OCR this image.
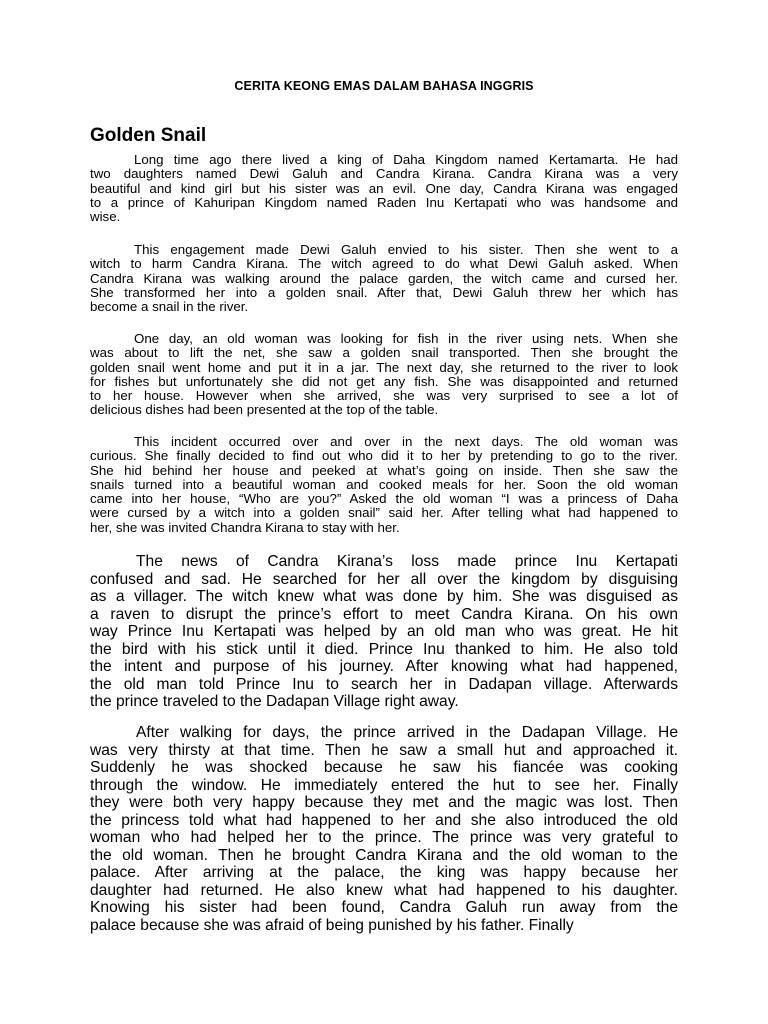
CERITA KEONG EMAS DALAM BAHASA INGGRIS
Golden Snail
Long time ago there lived a king of Daha Kingdom named Kertamarta. He had
two daughters named Dewi Galuh and Candra Kirana. Candra Kirana was a very
beautiful and kind girl but his sister was an evil. One day, Candra Kirana was engaged
to a prince of Kahuripan Kingdom named Raden Inu Kertapati who was handsome and
wise.
This engagement made Dewi Galuh envied to his sister. Then she went to a
witch to harm Candra Kirana. The witch agreed to do what Dewi Galuh asked. When
Candra Kirana was walking around the palace garden, the witch came and cursed her.
She transformed her into a golden snail. After that, Dewi Galuh threw her which has
become a snail in the river.
One day, an old woman was looking for fish in the river using nets. When she
was about to lift the net, she saw a golden snail transported. Then she brought the
golden snail went home and put it in a jar. The next day, she returned to the river to look
for fishes but unfortunately she did not get any fish. She was disappointed and returned
to her house. However when she arrived, she was very surprised to see a lot of
delicious dishes had been presented at the top of the table.
This incident occurred over and over in the next days. The old woman was
curious. She finally decided to find out who did it to her by pretending to go to the river.
She hid behind her house and peeked at what’s going on inside. Then she saw the
snails turned into a beautiful woman and cooked meals for her. Soon the old woman
came into her house, “Who are you?” Asked the old woman “I was a princess of Daha
were cursed by a witch into a golden snail” said her. After telling what had happened to
her, she was invited Chandra Kirana to stay with her.
The news of Candra Kirana’s loss made prince Inu Kertapati
confused and sad. He searched for her all over the kingdom by disguising
as a villager. The witch knew what was done by him. She was disguised as
a raven to disrupt the prince’s effort to meet Candra Kirana. On his own
way Prince Inu Kertapati was helped by an old man who was great. He hit
the bird with his stick until it died. Prince Inu thanked to him. He also told
the intent and purpose of his journey. After knowing what had happened,
the old man told Prince Inu to search her in Dadapan village. Afterwards
the prince traveled to the Dadapan Village right away.
After walking for days, the prince arrived in the Dadapan Village. He
was very thirsty at that time. Then he saw a small hut and approached it.
Suddenly he was shocked because he saw his fiancée was cooking
through the window. He immediately entered the hut to see her. Finally
they were both very happy because they met and the magic was lost. Then
the princess told what had happened to her and she also introduced the old
woman who had helped her to the prince. The prince was very grateful to
the old woman. Then he brought Candra Kirana and the old woman to the
palace. After arriving at the palace, the king was happy because her
daughter had returned. He also knew what had happened to his daughter.
Knowing his sister had been found, Candra Galuh run away from the
palace because she was afraid of being punished by his father. Finally
